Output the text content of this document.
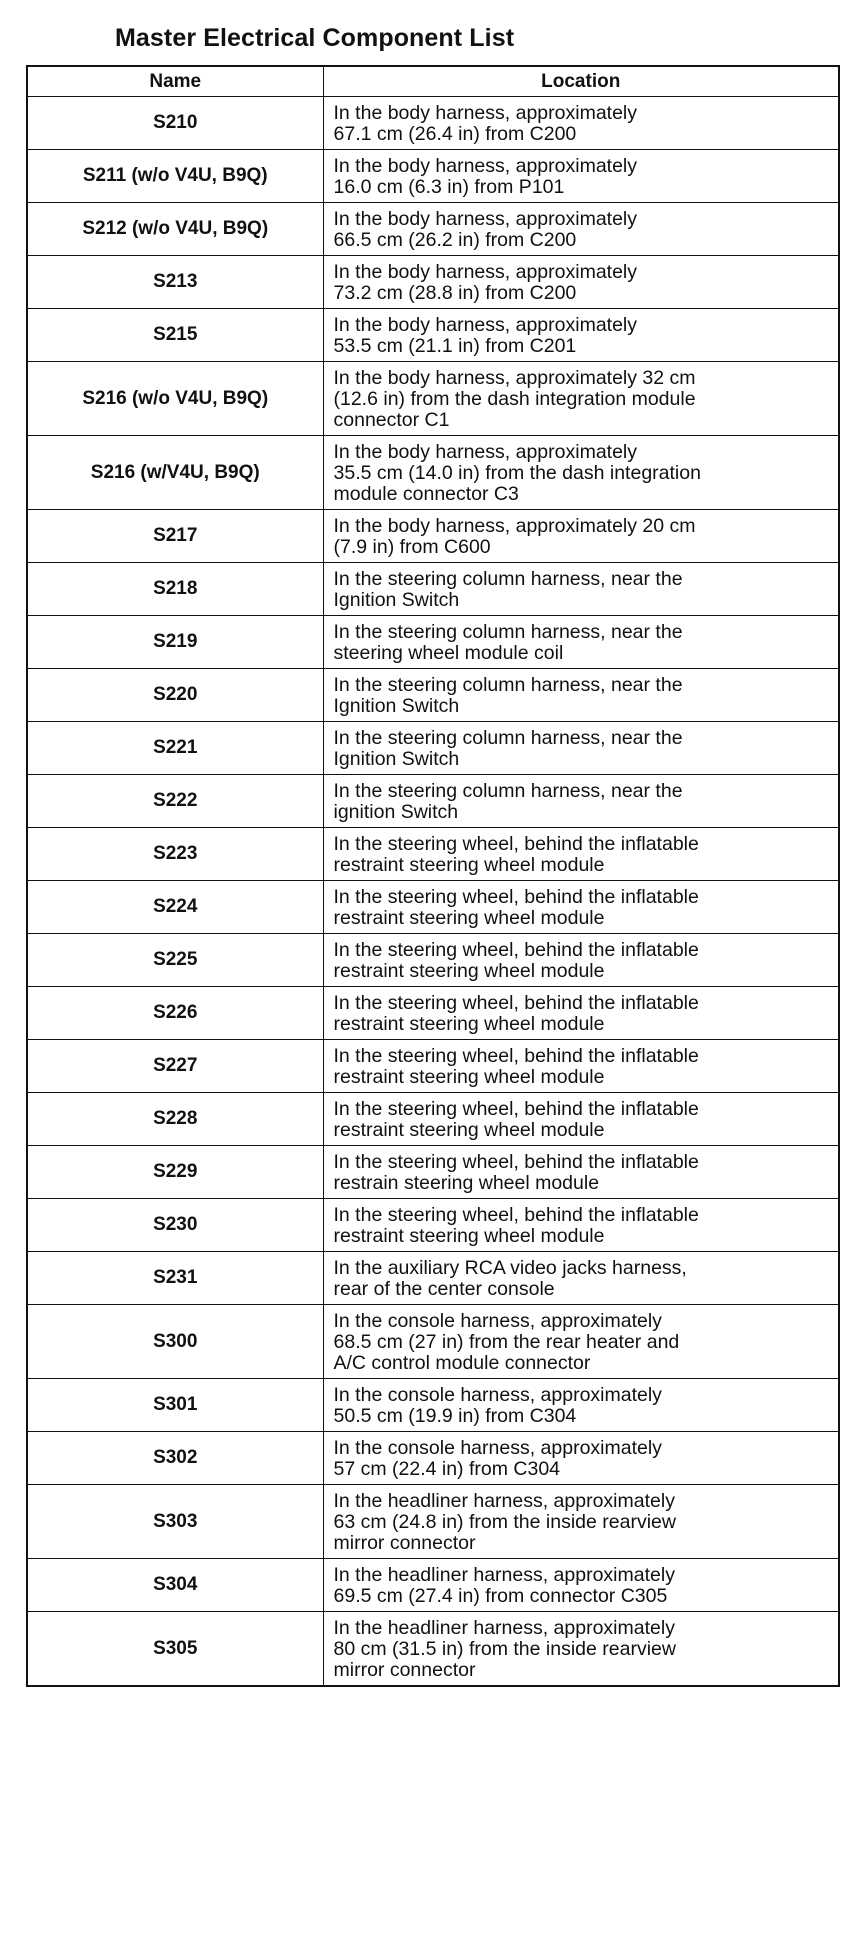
Master Electrical Component List
Name	Location
S210	In the body harness, approximately
67.1 cm (26.4 in) from C200

S211 (w/o V4U, B9Q)	In the body harness, approximately
16.0 cm (6.3 in) from P101

S212 (w/o V4U, B9Q)	In the body harness, approximately
66.5 cm (26.2 in) from C200

S213	In the body harness, approximately
73.2 cm (28.8 in) from C200

S215	In the body harness, approximately
53.5 cm (21.1 in) from C201

S216 (w/o V4U, B9Q)	In the body harness, approximately 32 cm
(12.6 in) from the dash integration module
connector C1

S216 (w/V4U, B9Q)	In the body harness, approximately
35.5 cm (14.0 in) from the dash integration
module connector C3

S217	In the body harness, approximately 20 cm
(7.9 in) from C600

S218	In the steering column harness, near the
Ignition Switch

S219	In the steering column harness, near the
steering wheel module coil

S220	In the steering column harness, near the
Ignition Switch

S221	In the steering column harness, near the
Ignition Switch

S222	In the steering column harness, near the
ignition Switch

S223	In the steering wheel, behind the inflatable
restraint steering wheel module

S224	In the steering wheel, behind the inflatable
restraint steering wheel module

S225	In the steering wheel, behind the inflatable
restraint steering wheel module

S226	In the steering wheel, behind the inflatable
restraint steering wheel module

S227	In the steering wheel, behind the inflatable
restraint steering wheel module

S228	In the steering wheel, behind the inflatable
restraint steering wheel module

S229	In the steering wheel, behind the inflatable
restrain steering wheel module

S230	In the steering wheel, behind the inflatable
restraint steering wheel module

S231	In the auxiliary RCA video jacks harness,
rear of the center console

S300	In the console harness, approximately
68.5 cm (27 in) from the rear heater and
A/C control module connector

S301	In the console harness, approximately
50.5 cm (19.9 in) from C304

S302	In the console harness, approximately
57 cm (22.4 in) from C304

S303	In the headliner harness, approximately
63 cm (24.8 in) from the inside rearview
mirror connector

S304	In the headliner harness, approximately
69.5 cm (27.4 in) from connector C305

S305	In the headliner harness, approximately
80 cm (31.5 in) from the inside rearview
mirror connector
